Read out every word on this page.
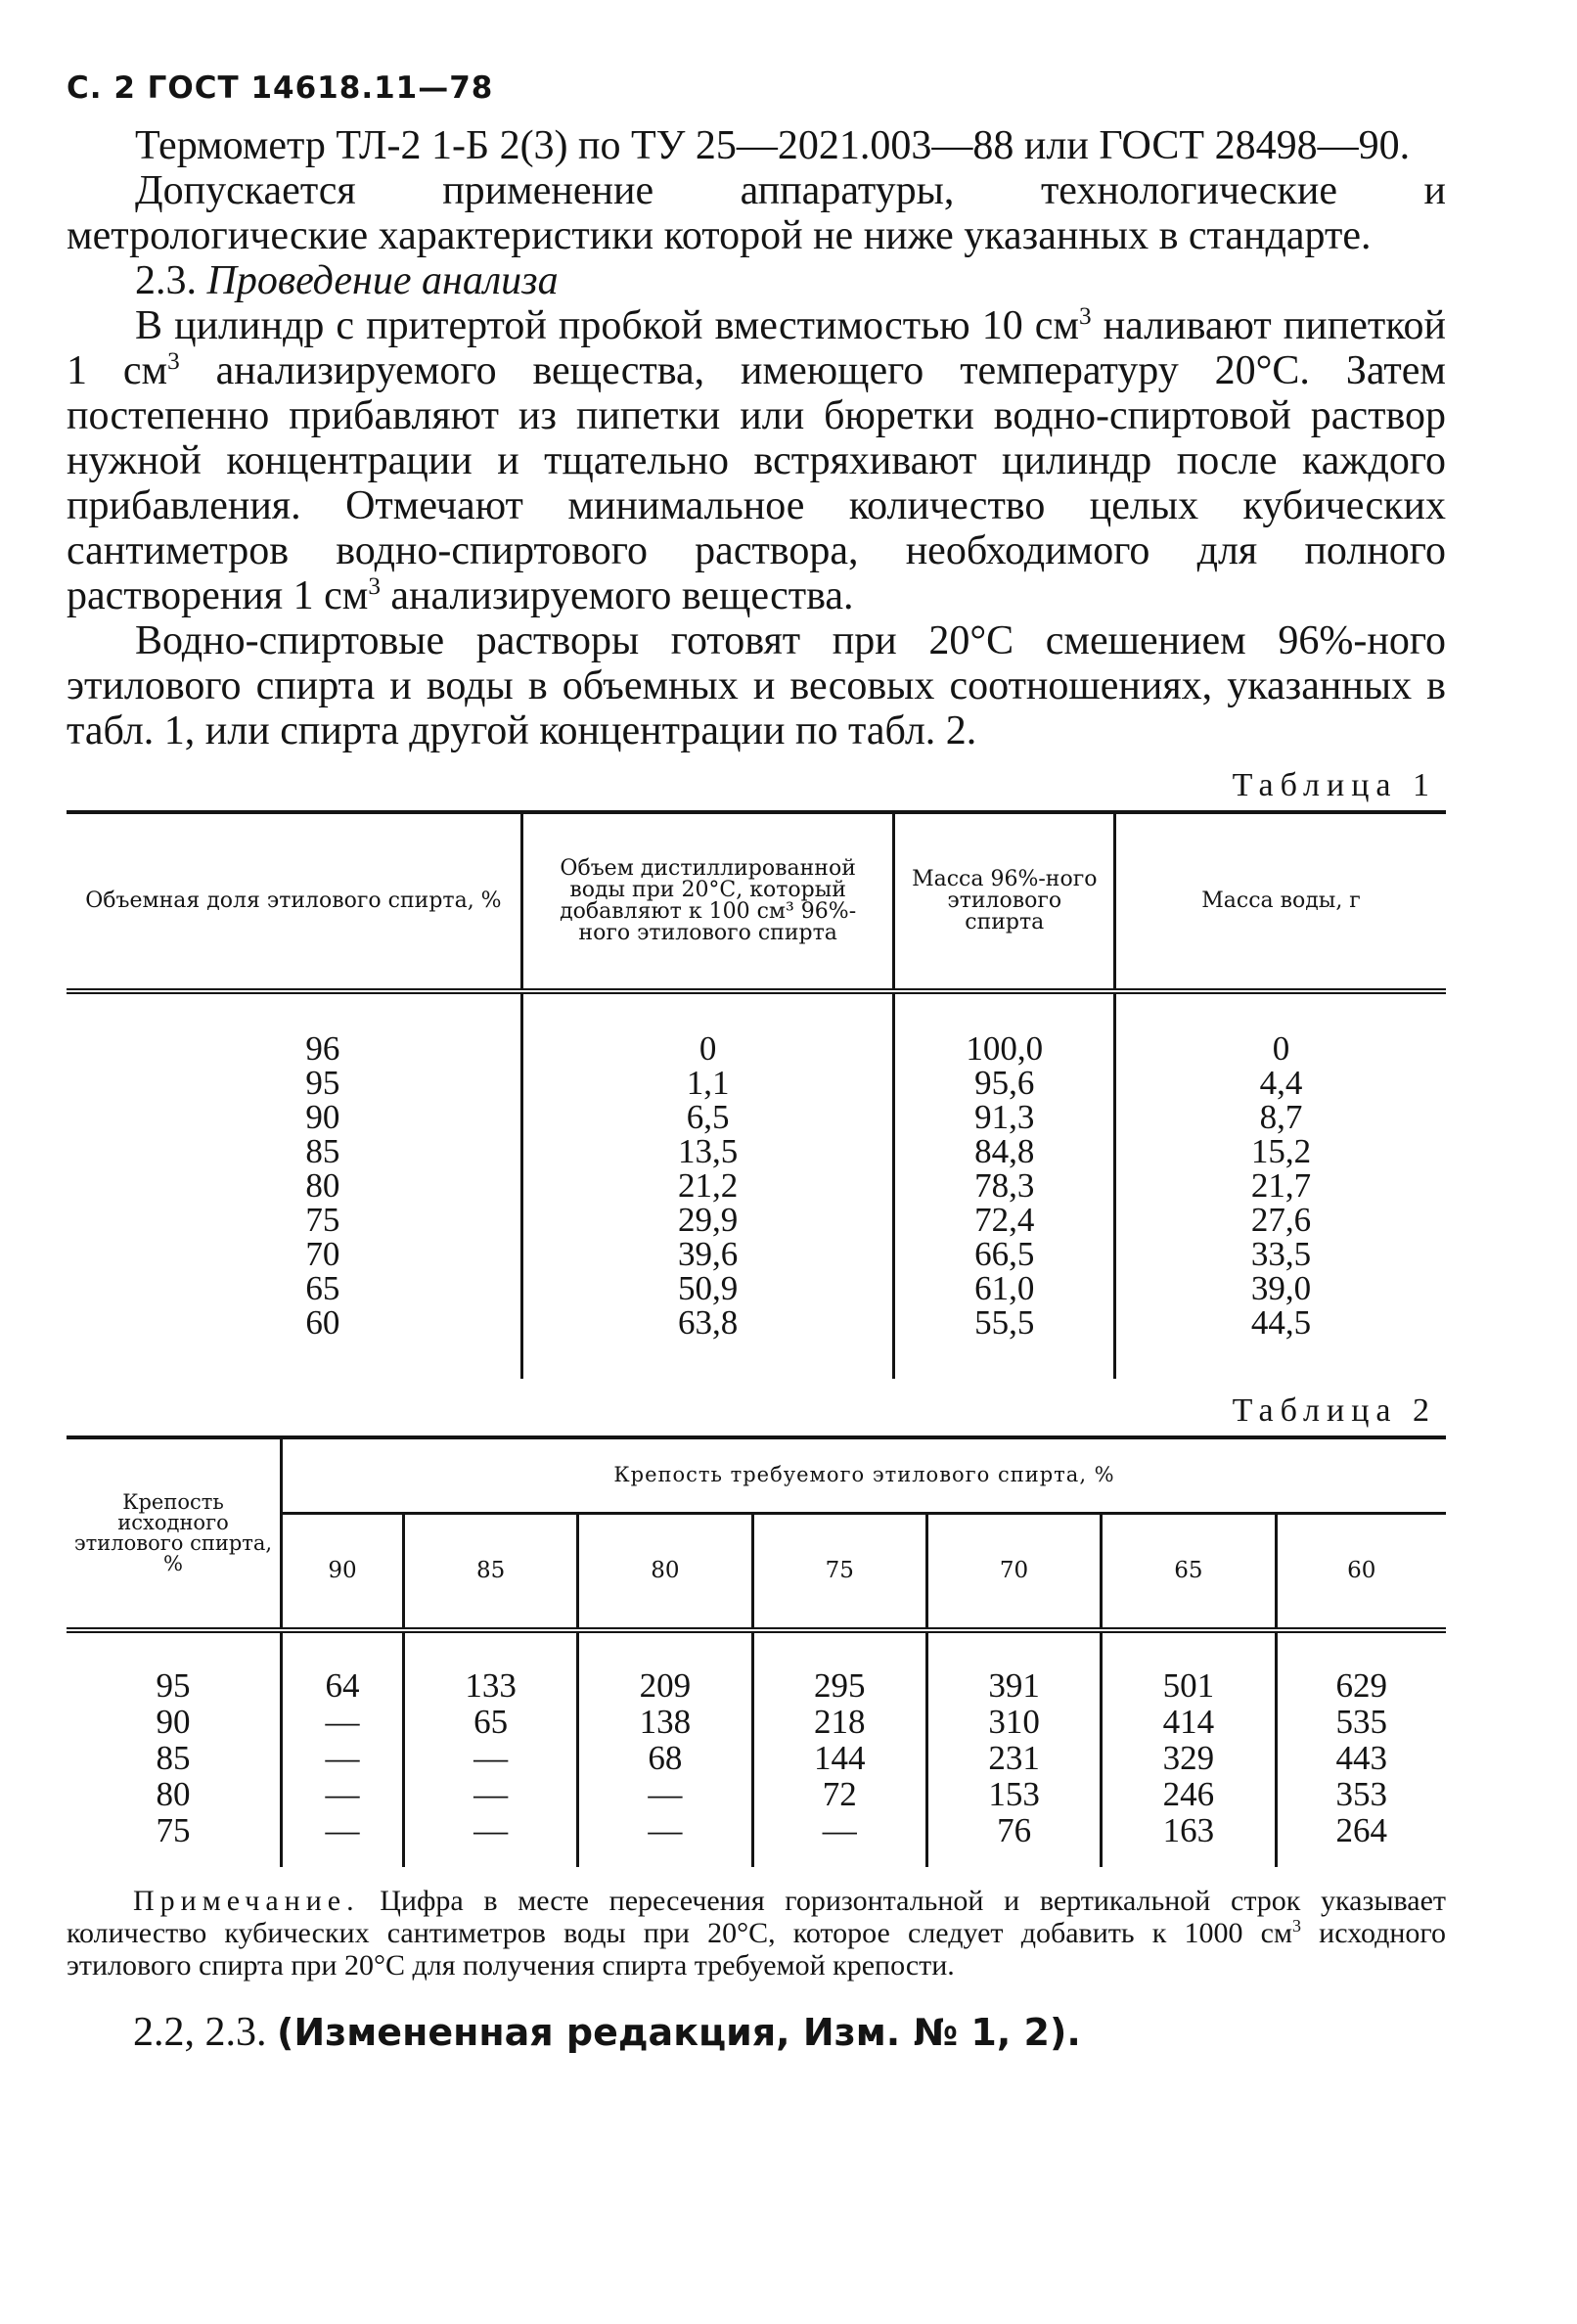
С. 2 ГОСТ 14618.11—78

Термометр ТЛ-2 1-Б 2(3) по ТУ 25—2021.003—88 или ГОСТ 28498—90.

Допускается применение аппаратуры, технологические и метрологические характеристики которой не ниже указанных в стандарте.

2.3. Проведение анализа

В цилиндр с притертой пробкой вместимостью 10 $см^3$ наливают пипеткой 1 $см^3$ анализируемого вещества, имеющего температуру 20°С. Затем постепенно прибавляют из пипетки или бюретки водно-спиртовой раствор нужной концентрации и тщательно встряхивают цилиндр после каждого прибавления. Отмечают минимальное количество целых кубических сантиметров водно-спиртового раствора, необходимого для полного растворения 1 $см^3$ анализируемого вещества.

Водно-спиртовые растворы готовят при 20°С смешением 96%-ного этилового спирта и воды в объемных и весовых соотношениях, указанных в табл. 1, или спирта другой концентрации по табл. 2.

Таблица 1
Объемная доля этилового спирта, %	Объем дистиллированной воды при 20°С, который добавляют к 100 см³ 96%-ного этилового спирта	Масса 96%-ного этилового спирта	Масса воды, г
96	0	100,0	0
95	1,1	95,6	4,4
90	6,5	91,3	8,7
85	13,5	84,8	15,2
80	21,2	78,3	21,7
75	29,9	72,4	27,6
70	39,6	66,5	33,5
65	50,9	61,0	39,0
60	63,8	55,5	44,5
Таблица 2
Крепость исходного этилового спирта, %	Крепость требуемого этилового спирта, %						
	90	85	80	75	70	65	60
95	64	133	209	295	391	501	629
90	—	65	138	218	310	414	535
85	—	—	68	144	231	329	443
80	—	—	—	72	153	246	353
75	—	—	—	—	76	163	264

Примечание. Цифра в месте пересечения горизонтальной и вертикальной строк указывает количество кубических сантиметров воды при 20°С, которое следует добавить к 1000 $см^3$ исходного этилового спирта при 20°С для получения спирта требуемой крепости.

2.2, 2.3. (Измененная редакция, Изм. № 1, 2).
